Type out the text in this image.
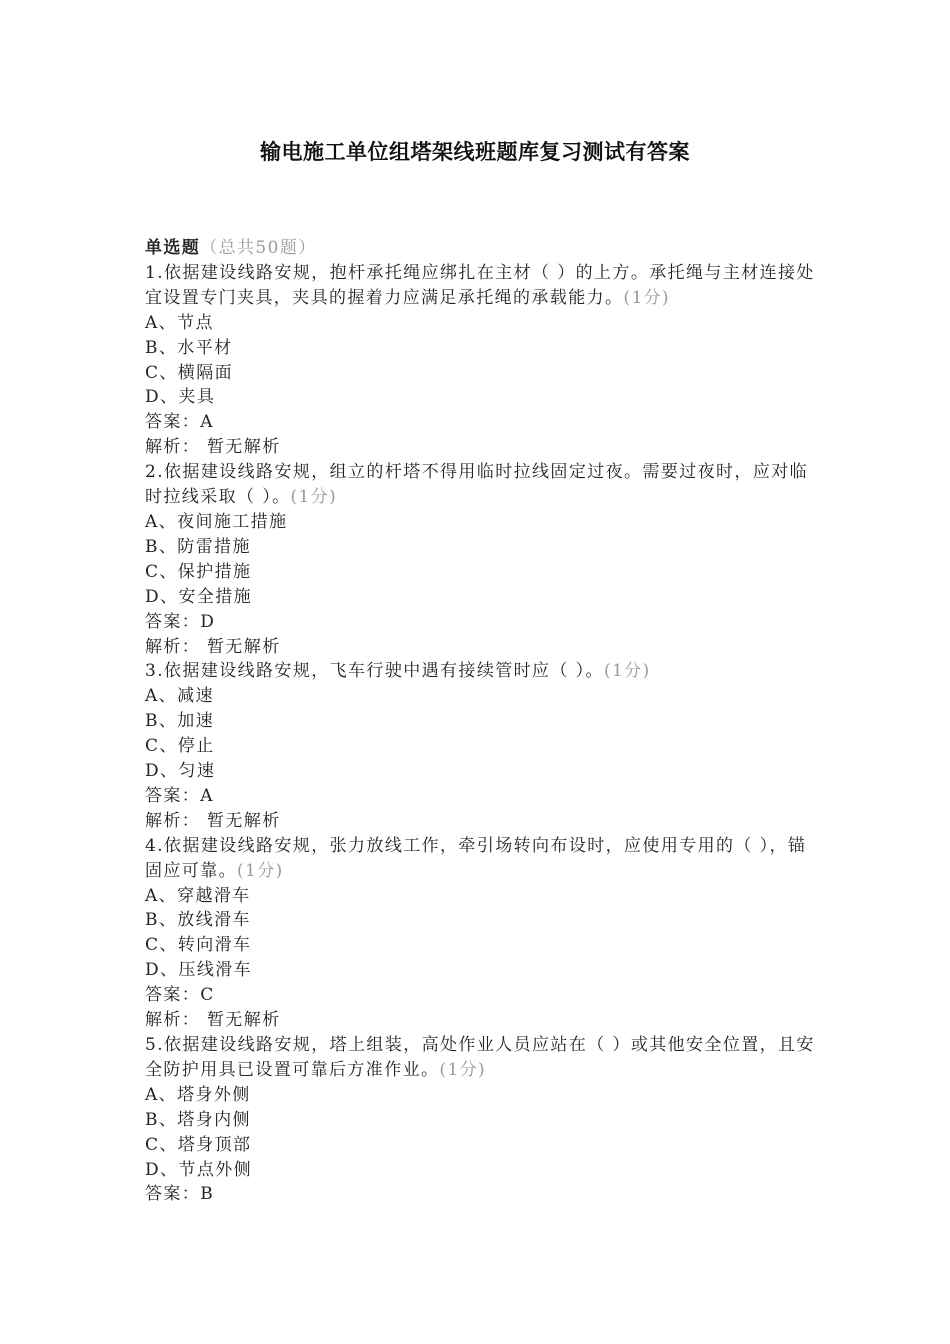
输电施工单位组塔架线班题库复习测试有答案
单选题（总共50题）

1.依据建设线路安规，抱杆承托绳应绑扎在主材（ ）的上方。承托绳与主材连接处宜设置专门夹具，夹具的握着力应满足承托绳的承载能力。(1分)

A、节点

B、水平材

C、横隔面

D、夹具

答案：A

解析： 暂无解析

2.依据建设线路安规，组立的杆塔不得用临时拉线固定过夜。需要过夜时，应对临时拉线采取（ ）。(1分)

A、夜间施工措施

B、防雷措施

C、保护措施

D、安全措施

答案：D

解析： 暂无解析

3.依据建设线路安规，飞车行驶中遇有接续管时应（ ）。(1分)

A、减速

B、加速

C、停止

D、匀速

答案：A

解析： 暂无解析

4.依据建设线路安规，张力放线工作，牵引场转向布设时，应使用专用的（ ），锚固应可靠。(1分)

A、穿越滑车

B、放线滑车

C、转向滑车

D、压线滑车

答案：C

解析： 暂无解析

5.依据建设线路安规，塔上组装，高处作业人员应站在（ ）或其他安全位置，且安全防护用具已设置可靠后方准作业。(1分)

A、塔身外侧

B、塔身内侧

C、塔身顶部

D、节点外侧

答案：B
